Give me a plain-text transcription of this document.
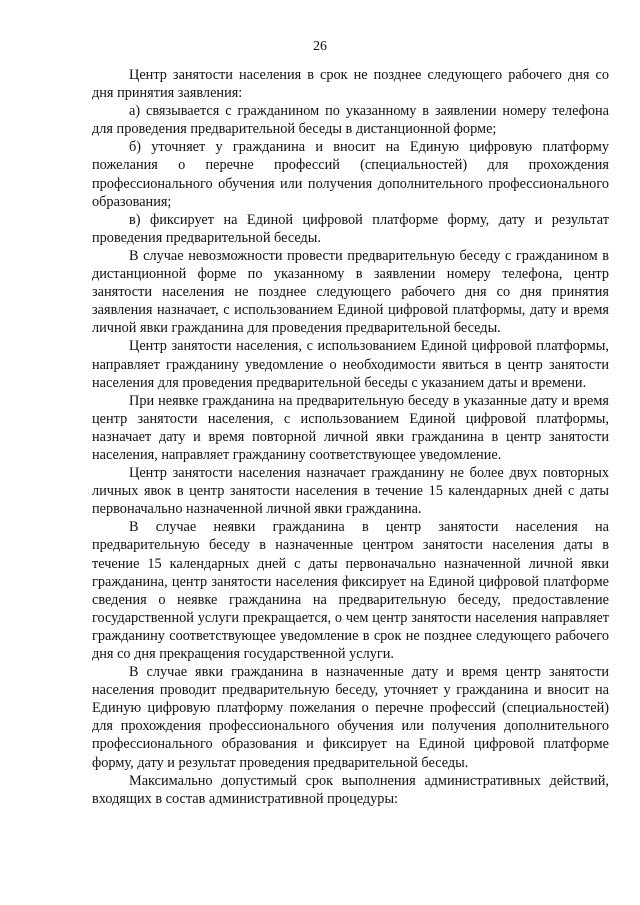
26

Центр занятости населения в срок не позднее следующего рабочего дня со дня принятия заявления:

а) связывается с гражданином по указанному в заявлении номеру телефона для проведения предварительной беседы в дистанционной форме;

б) уточняет у гражданина и вносит на Единую цифровую платформу пожелания о перечне профессий (специальностей) для прохождения профессионального обучения или получения дополнительного профессионального образования;

в) фиксирует на Единой цифровой платформе форму, дату и результат проведения предварительной беседы.

В случае невозможности провести предварительную беседу с гражданином в дистанционной форме по указанному в заявлении номеру телефона, центр занятости населения не позднее следующего рабочего дня со дня принятия заявления назначает, с использованием Единой цифровой платформы, дату и время личной явки гражданина для проведения предварительной беседы.

Центр занятости населения, с использованием Единой цифровой платформы, направляет гражданину уведомление о необходимости явиться в центр занятости населения для проведения предварительной беседы с указанием даты и времени.

При неявке гражданина на предварительную беседу в указанные дату и время центр занятости населения, с использованием Единой цифровой платформы, назначает дату и время повторной личной явки гражданина в центр занятости населения, направляет гражданину соответствующее уведомление.

Центр занятости населения назначает гражданину не более двух повторных личных явок в центр занятости населения в течение 15 календарных дней с даты первоначально назначенной личной явки гражданина.

В случае неявки гражданина в центр занятости населения на предварительную беседу в назначенные центром занятости населения даты в течение 15 календарных дней с даты первоначально назначенной личной явки гражданина, центр занятости населения фиксирует на Единой цифровой платформе сведения о неявке гражданина на предварительную беседу, предоставление государственной услуги прекращается, о чем центр занятости населения направляет гражданину соответствующее уведомление в срок не позднее следующего рабочего дня со дня прекращения государственной услуги.

В случае явки гражданина в назначенные дату и время центр занятости населения проводит предварительную беседу, уточняет у гражданина и вносит на Единую цифровую платформу пожелания о перечне профессий (специальностей) для прохождения профессионального обучения или получения дополнительного профессионального образования и фиксирует на Единой цифровой платформе форму, дату и результат проведения предварительной беседы.

Максимально допустимый срок выполнения административных действий, входящих в состав административной процедуры:
